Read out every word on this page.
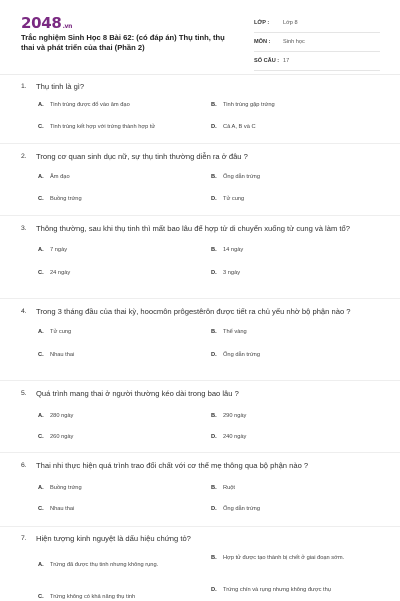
2048.vn
Trắc nghiệm Sinh Học 8 Bài 62: (có đáp án) Thụ tinh, thụ thai và phát triển của thai (Phần 2)
LỚP :	Lớp 8
MÔN :	Sinh học
SỐ CÂU : 17
1.	Thụ tinh là gì?
A.	Tinh trùng được đổ vào âm đạo	B.	Tinh trùng gặp trứng
C.	Tinh trùng kết hợp với trứng thành hợp tử	D.	Cả A, B và C
2.	Trong cơ quan sinh dục nữ, sự thụ tinh thường diễn ra ở đâu ?
A.	Âm đạo	B.	Ống dẫn trứng
C.	Buồng trứng	D.	Tử cung
3.	Thông thường, sau khi thụ tinh thì mất bao lâu để hợp tử di chuyển xuống tử cung và làm tổ?
A.	7 ngày	B.	14 ngày
C.	24 ngày	D.	3 ngày
4.	Trong 3 tháng đầu của thai kỳ, hoocmôn prôgestêrôn được tiết ra chủ yếu nhờ bộ phận nào ?
A.	Tử cung	B.	Thể vàng
C.	Nhau thai	D.	Ống dẫn trứng
5.	Quá trình mang thai ở người thường kéo dài trong bao lâu ?
A.	280 ngày	B.	290 ngày
C.	260 ngày	D.	240 ngày
6.	Thai nhi thực hiện quá trình trao đổi chất với cơ thể mẹ thông qua bộ phận nào ?
A.	Buồng trứng	B.	Ruột
C.	Nhau thai	D.	Ống dẫn trứng
7.	Hiện tượng kinh nguyệt là dấu hiệu chứng tỏ?
A.	Trứng đã được thụ tinh nhưng không rụng.
B.	Hợp tử được tạo thành bị chết ở giai đoạn sớm.
C.	Trứng không có khả năng thụ tinh
D.	Trứng chín và rụng nhưng không được thụ
